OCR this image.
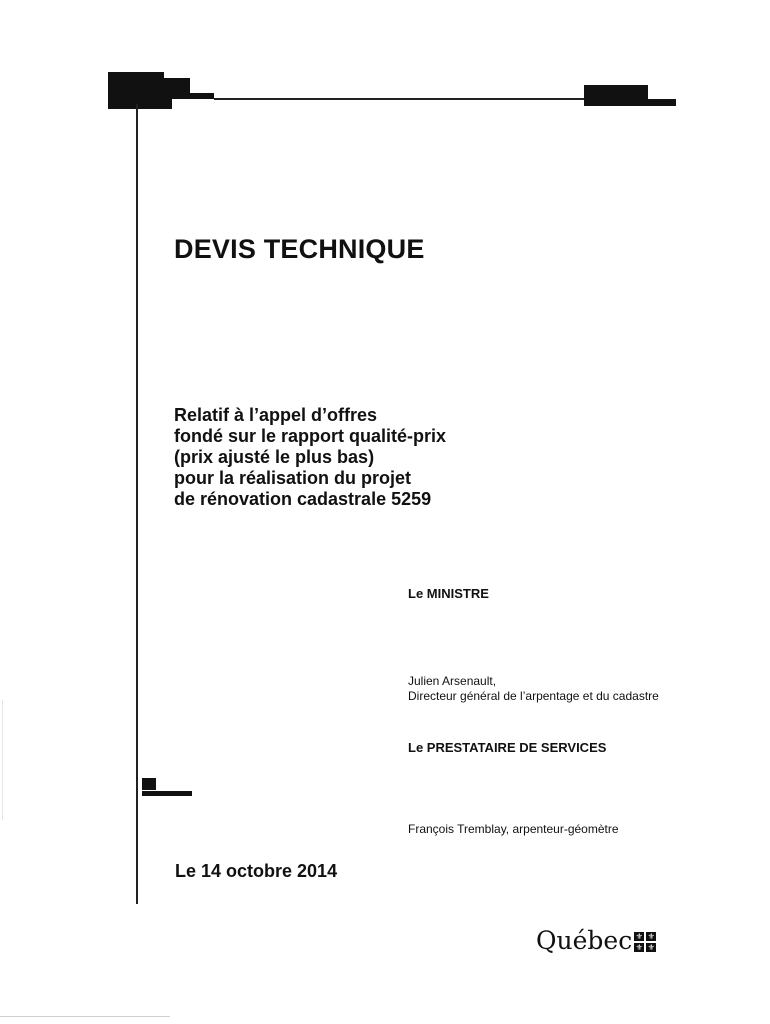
DEVIS TECHNIQUE
Relatif à l’appel d’offres
fondé sur le rapport qualité-prix
(prix ajusté le plus bas)
pour la réalisation du projet
de rénovation cadastrale 5259
Le MINISTRE
Julien Arsenault,
Directeur général de l’arpentage et du cadastre
Le PRESTATAIRE DE SERVICES
François Tremblay, arpenteur-géomètre
Le 14 octobre 2014
Québec ⚜ ⚜
⚜ ⚜
